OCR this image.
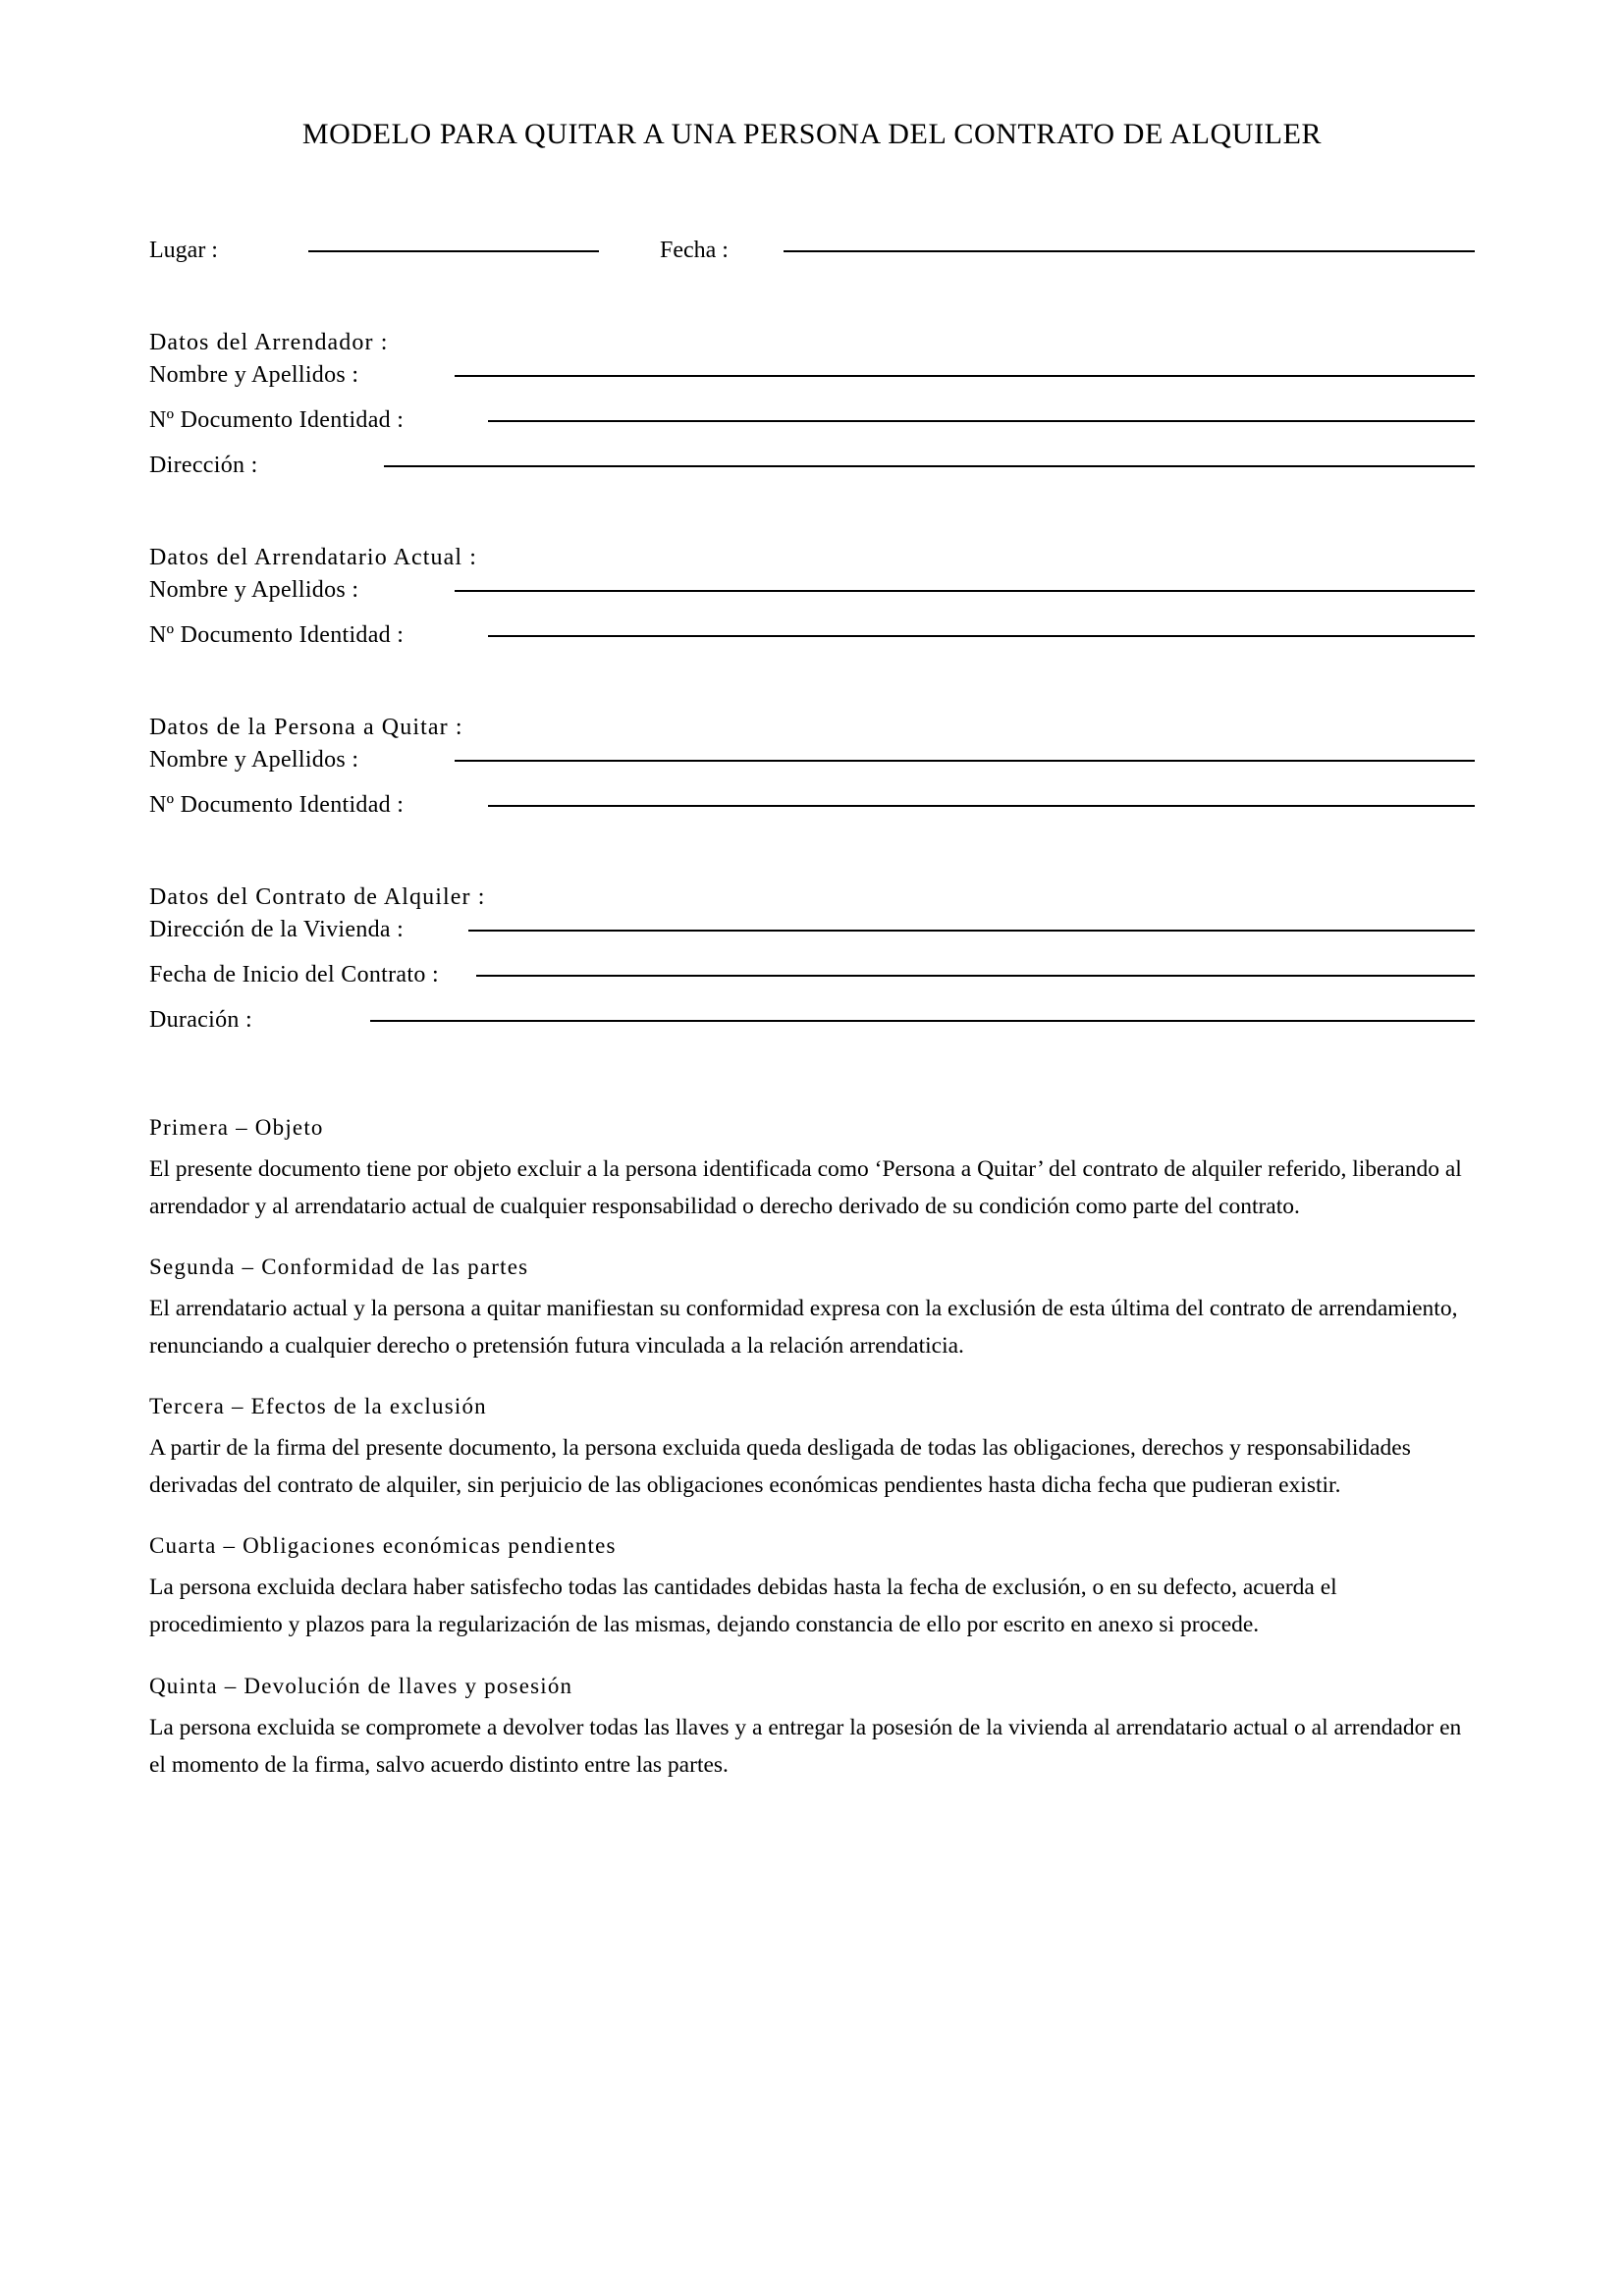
MODELO PARA QUITAR A UNA PERSONA DEL CONTRATO DE ALQUILER
Lugar :	Fecha :
Datos del Arrendador :
Nombre y Apellidos :
Nº Documento Identidad :
Dirección :
Datos del Arrendatario Actual :
Nombre y Apellidos :
Nº Documento Identidad :
Datos de la Persona a Quitar :
Nombre y Apellidos :
Nº Documento Identidad :
Datos del Contrato de Alquiler :
Dirección de la Vivienda :
Fecha de Inicio del Contrato :
Duración :
Primera – Objeto
El presente documento tiene por objeto excluir a la persona identificada como ‘Persona a Quitar’ del contrato de alquiler referido, liberando al arrendador y al arrendatario actual de cualquier responsabilidad o derecho derivado de su condición como parte del contrato.
Segunda – Conformidad de las partes
El arrendatario actual y la persona a quitar manifiestan su conformidad expresa con la exclusión de esta última del contrato de arrendamiento, renunciando a cualquier derecho o pretensión futura vinculada a la relación arrendaticia.
Tercera – Efectos de la exclusión
A partir de la firma del presente documento, la persona excluida queda desligada de todas las obligaciones, derechos y responsabilidades derivadas del contrato de alquiler, sin perjuicio de las obligaciones económicas pendientes hasta dicha fecha que pudieran existir.
Cuarta – Obligaciones económicas pendientes
La persona excluida declara haber satisfecho todas las cantidades debidas hasta la fecha de exclusión, o en su defecto, acuerda el procedimiento y plazos para la regularización de las mismas, dejando constancia de ello por escrito en anexo si procede.
Quinta – Devolución de llaves y posesión
La persona excluida se compromete a devolver todas las llaves y a entregar la posesión de la vivienda al arrendatario actual o al arrendador en el momento de la firma, salvo acuerdo distinto entre las partes.
